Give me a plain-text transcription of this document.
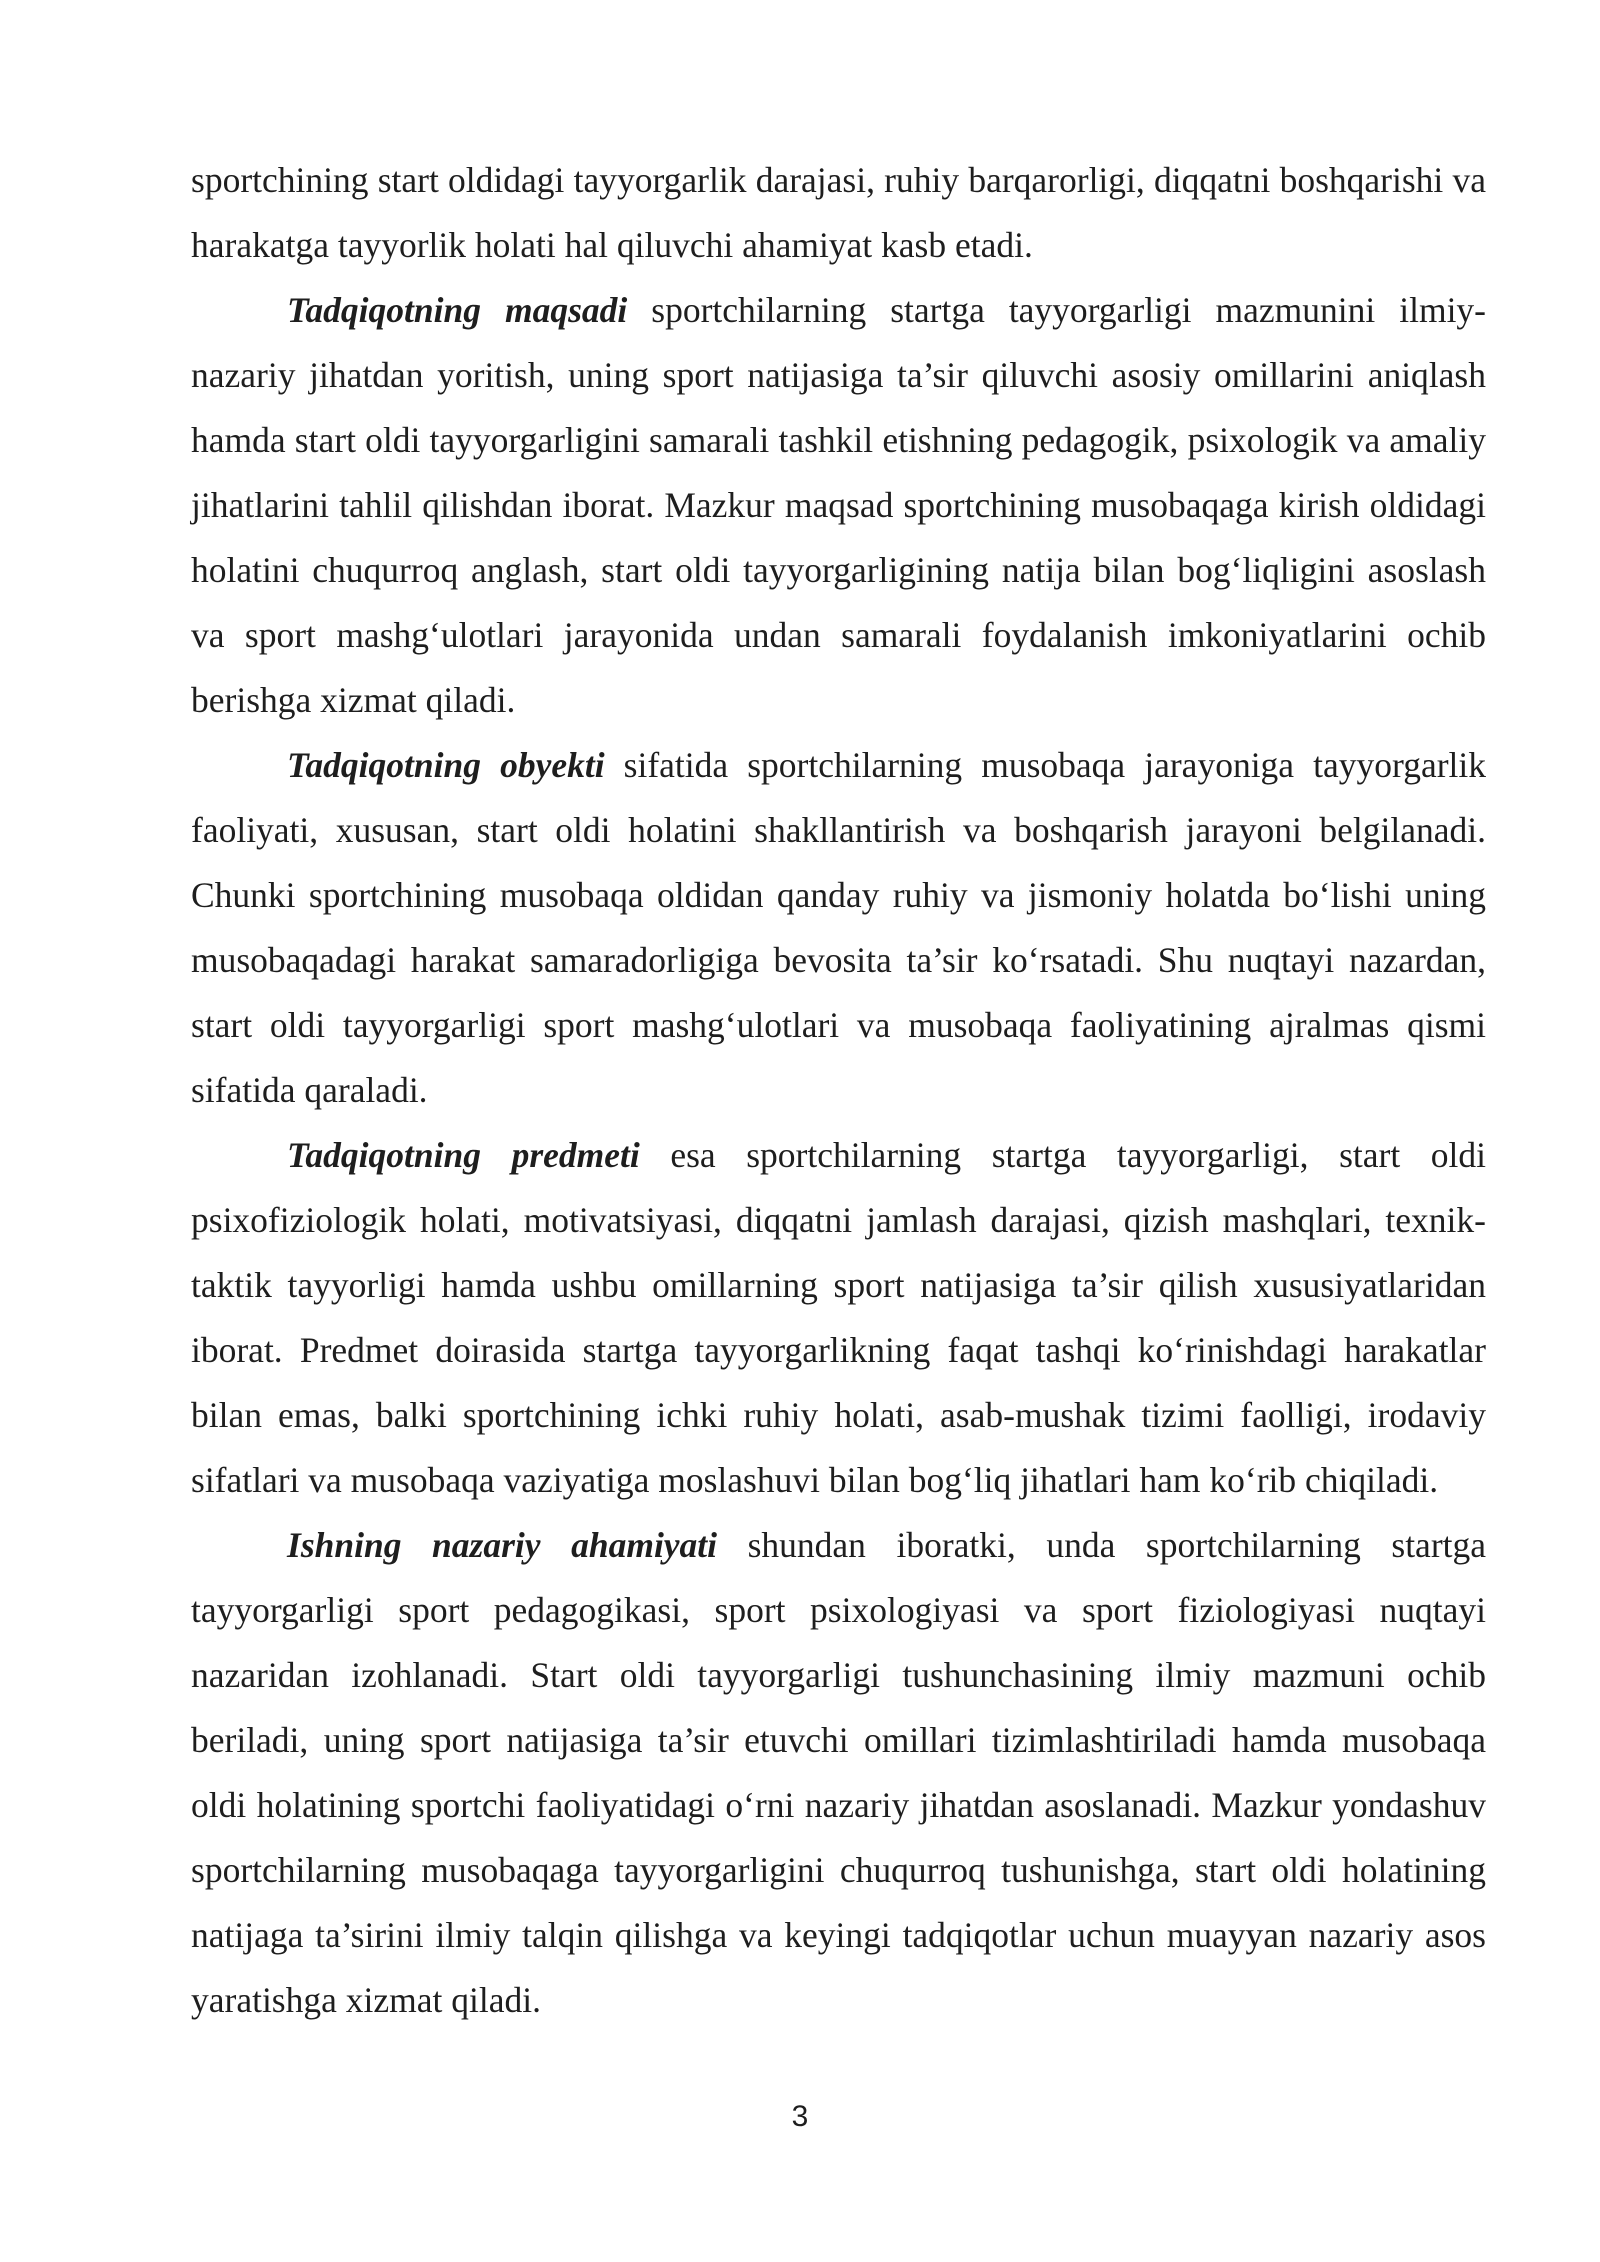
sportchining start oldidagi tayyorgarlik darajasi, ruhiy barqarorligi, diqqatni boshqarishi va harakatga tayyorlik holati hal qiluvchi ahamiyat kasb etadi.

Tadqiqotning maqsadi sportchilarning startga tayyorgarligi mazmunini ilmiy-nazariy jihatdan yoritish, uning sport natijasiga ta’sir qiluvchi asosiy omillarini aniqlash hamda start oldi tayyorgarligini samarali tashkil etishning pedagogik, psixologik va amaliy jihatlarini tahlil qilishdan iborat. Mazkur maqsad sportchining musobaqaga kirish oldidagi holatini chuqurroq anglash, start oldi tayyorgarligining natija bilan bog‘liqligini asoslash va sport mashg‘ulotlari jarayonida undan samarali foydalanish imkoniyatlarini ochib berishga xizmat qiladi.

Tadqiqotning obyekti sifatida sportchilarning musobaqa jarayoniga tayyorgarlik faoliyati, xususan, start oldi holatini shakllantirish va boshqarish jarayoni belgilanadi. Chunki sportchining musobaqa oldidan qanday ruhiy va jismoniy holatda bo‘lishi uning musobaqadagi harakat samaradorligiga bevosita ta’sir ko‘rsatadi. Shu nuqtayi nazardan, start oldi tayyorgarligi sport mashg‘ulotlari va musobaqa faoliyatining ajralmas qismi sifatida qaraladi.

Tadqiqotning predmeti esa sportchilarning startga tayyorgarligi, start oldi psixofiziologik holati, motivatsiyasi, diqqatni jamlash darajasi, qizish mashqlari, texnik-taktik tayyorligi hamda ushbu omillarning sport natijasiga ta’sir qilish xususiyatlaridan iborat. Predmet doirasida startga tayyorgarlikning faqat tashqi ko‘rinishdagi harakatlar bilan emas, balki sportchining ichki ruhiy holati, asab-mushak tizimi faolligi, irodaviy sifatlari va musobaqa vaziyatiga moslashuvi bilan bog‘liq jihatlari ham ko‘rib chiqiladi.

Ishning nazariy ahamiyati shundan iboratki, unda sportchilarning startga tayyorgarligi sport pedagogikasi, sport psixologiyasi va sport fiziologiyasi nuqtayi nazaridan izohlanadi. Start oldi tayyorgarligi tushunchasining ilmiy mazmuni ochib beriladi, uning sport natijasiga ta’sir etuvchi omillari tizimlashtiriladi hamda musobaqa oldi holatining sportchi faoliyatidagi o‘rni nazariy jihatdan asoslanadi. Mazkur yondashuv sportchilarning musobaqaga tayyorgarligini chuqurroq tushunishga, start oldi holatining natijaga ta’sirini ilmiy talqin qilishga va keyingi tadqiqotlar uchun muayyan nazariy asos yaratishga xizmat qiladi.

3
